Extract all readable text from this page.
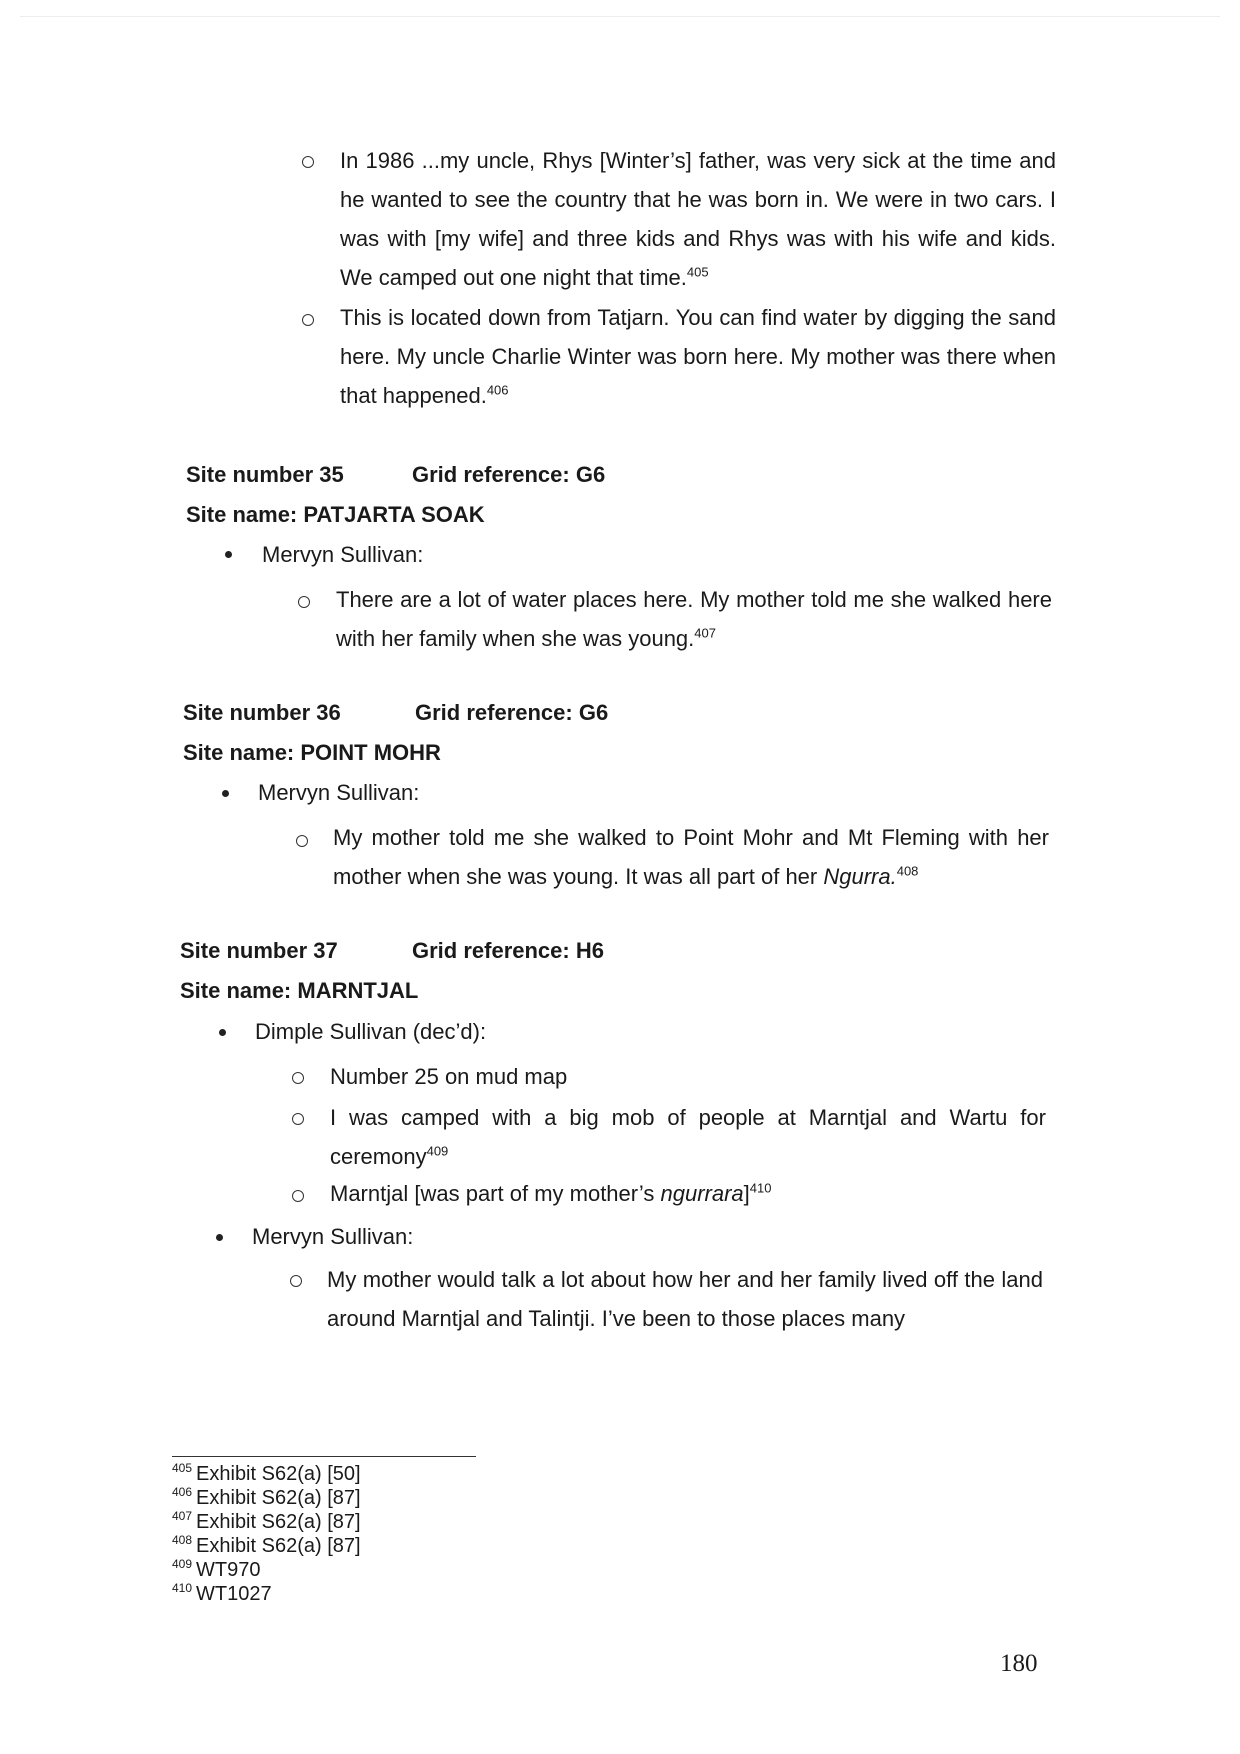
In 1986 ...my uncle, Rhys [Winter’s] father, was very sick at the time and he wanted to see the country that he was born in. We were in two cars. I was with [my wife] and three kids and Rhys was with his wife and kids. We camped out one night that time.$^{405}$
This is located down from Tatjarn. You can find water by digging the sand here. My uncle Charlie Winter was born here. My mother was there when that happened.$^{406}$
Site number 35	Grid reference: G6
Site name: PATJARTA SOAK
Mervyn Sullivan:
There are a lot of water places here. My mother told me she walked here with her family when she was young.$^{407}$
Site number 36	Grid reference: G6
Site name: POINT MOHR
Mervyn Sullivan:
My mother told me she walked to Point Mohr and Mt Fleming with her mother when she was young. It was all part of her Ngurra.$^{408}$
Site number 37	Grid reference: H6
Site name: MARNTJAL
Dimple Sullivan (dec’d):
Number 25 on mud map
I was camped with a big mob of people at Marntjal and Wartu for ceremony$^{409}$
Marntjal [was part of my mother’s ngurrara]$^{410}$
Mervyn Sullivan:
My mother would talk a lot about how her and her family lived off the land around Marntjal and Talintji. I’ve been to those places many
$^{405}$ Exhibit S62(a) [50]
$^{406}$ Exhibit S62(a) [87]
$^{407}$ Exhibit S62(a) [87]
$^{408}$ Exhibit S62(a) [87]
$^{409}$ WT970
$^{410}$ WT1027
180
